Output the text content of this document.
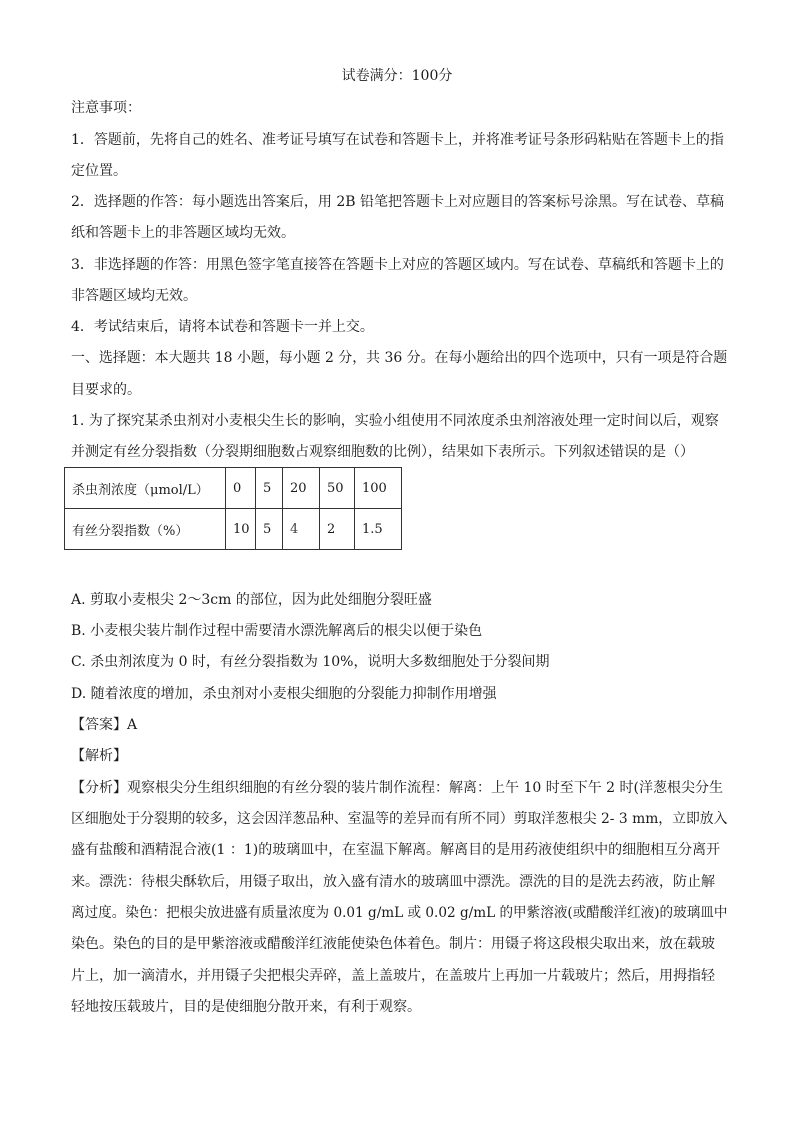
试卷满分：100分
注意事项：
1．答题前，先将自己的姓名、准考证号填写在试卷和答题卡上，并将准考证号条形码粘贴在答题卡上的指
定位置。
2．选择题的作答：每小题选出答案后，用 2B 铅笔把答题卡上对应题目的答案标号涂黑。写在试卷、草稿
纸和答题卡上的非答题区域均无效。
3．非选择题的作答：用黑色签字笔直接答在答题卡上对应的答题区域内。写在试卷、草稿纸和答题卡上的
非答题区域均无效。
4．考试结束后，请将本试卷和答题卡一并上交。
一、选择题：本大题共 18 小题，每小题 2 分，共 36 分。在每小题给出的四个选项中，只有一项是符合题
目要求的。
1. 为了探究某杀虫剂对小麦根尖生长的影响，实验小组使用不同浓度杀虫剂溶液处理一定时间以后，观察
并测定有丝分裂指数（分裂期细胞数占观察细胞数的比例），结果如下表所示。下列叙述错误的是（）
杀虫剂浓度（μmol/L）	0	5	20	50	100
有丝分裂指数（%）	10	5	4	2	1.5
A. 剪取小麦根尖 2～3cm 的部位，因为此处细胞分裂旺盛
B. 小麦根尖装片制作过程中需要清水漂洗解离后的根尖以便于染色
C. 杀虫剂浓度为 0 时，有丝分裂指数为 10%，说明大多数细胞处于分裂间期
D. 随着浓度的增加，杀虫剂对小麦根尖细胞的分裂能力抑制作用增强
【答案】A
【解析】
【分析】观察根尖分生组织细胞的有丝分裂的装片制作流程：解离：上午 10 时至下午 2 时(洋葱根尖分生
区细胞处于分裂期的较多，这会因洋葱品种、室温等的差异而有所不同）剪取洋葱根尖 2- 3 mm，立即放入
盛有盐酸和酒精混合液(1 ：1)的玻璃皿中，在室温下解离。解离目的是用药液使组织中的细胞相互分离开
来。漂洗：待根尖酥软后，用镊子取出，放入盛有清水的玻璃皿中漂洗。漂洗的目的是洗去药液，防止解
离过度。染色：把根尖放进盛有质量浓度为 0.01 g/mL 或 0.02 g/mL 的甲紫溶液(或醋酸洋红液)的玻璃皿中
染色。染色的目的是甲紫溶液或醋酸洋红液能使染色体着色。制片：用镊子将这段根尖取出来，放在载玻
片上，加一滴清水，并用镊子尖把根尖弄碎，盖上盖玻片，在盖玻片上再加一片载玻片；然后，用拇指轻
轻地按压载玻片，目的是使细胞分散开来，有利于观察。
